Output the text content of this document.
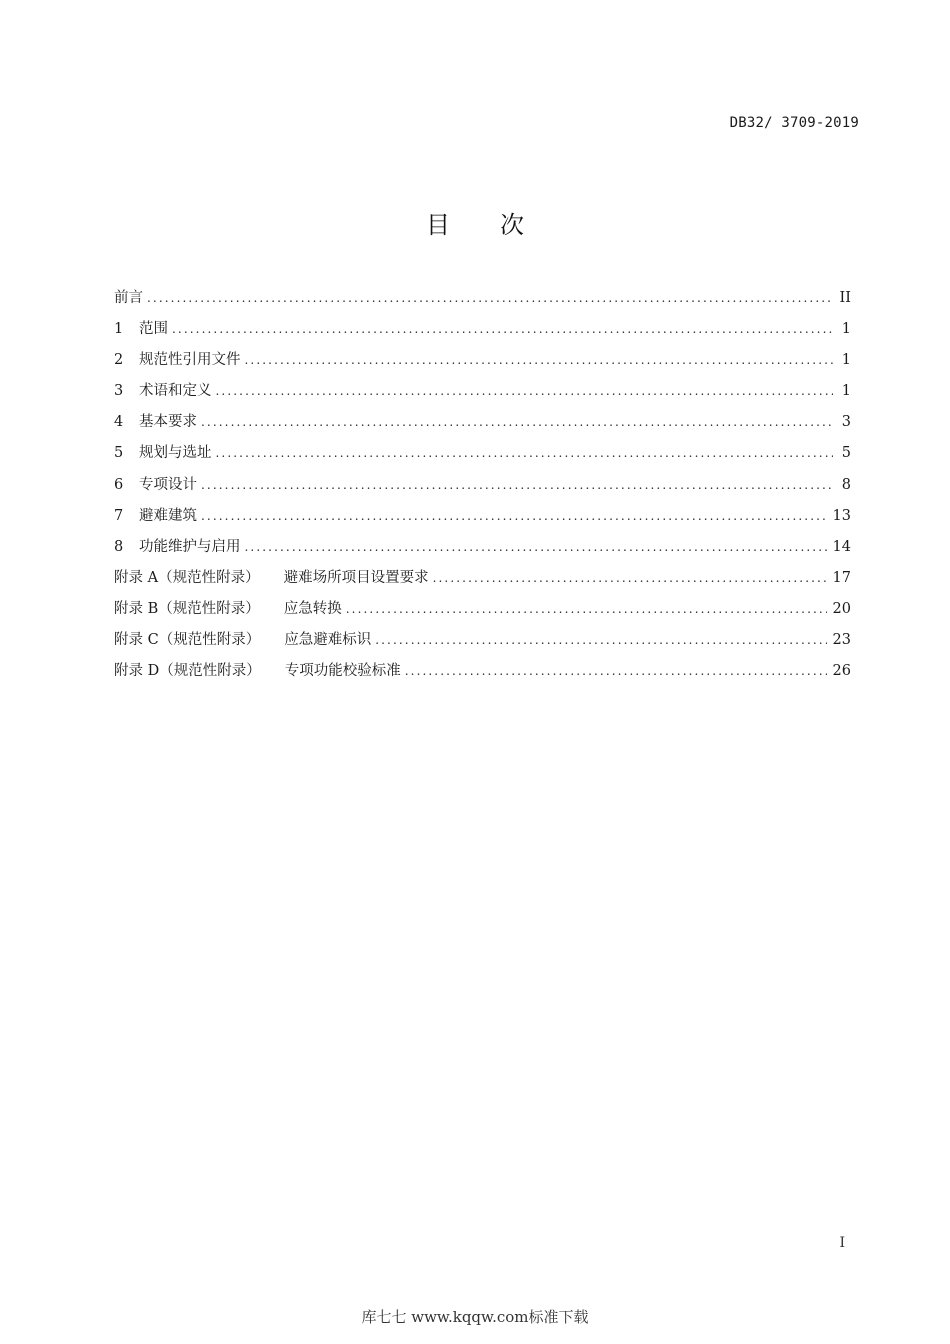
DB32/ 3709-2019
目 次
前言 .....	II
1	范围 .....	1
2	规范性引用文件 .....	1
3	术语和定义 .....	1
4	基本要求 .....	3
5	规划与选址 .....	5
6	专项设计 .....	8
7	避难建筑 .....	13
8	功能维护与启用 .....	14
附录 A（规范性附录） 避难场所项目设置要求 .....	17
附录 B（规范性附录） 应急转换 .....	20
附录 C（规范性附录） 应急避难标识 .....	23
附录 D（规范性附录） 专项功能校验标准 .....	26
I
库七七 www.kqqw.com标准下载
